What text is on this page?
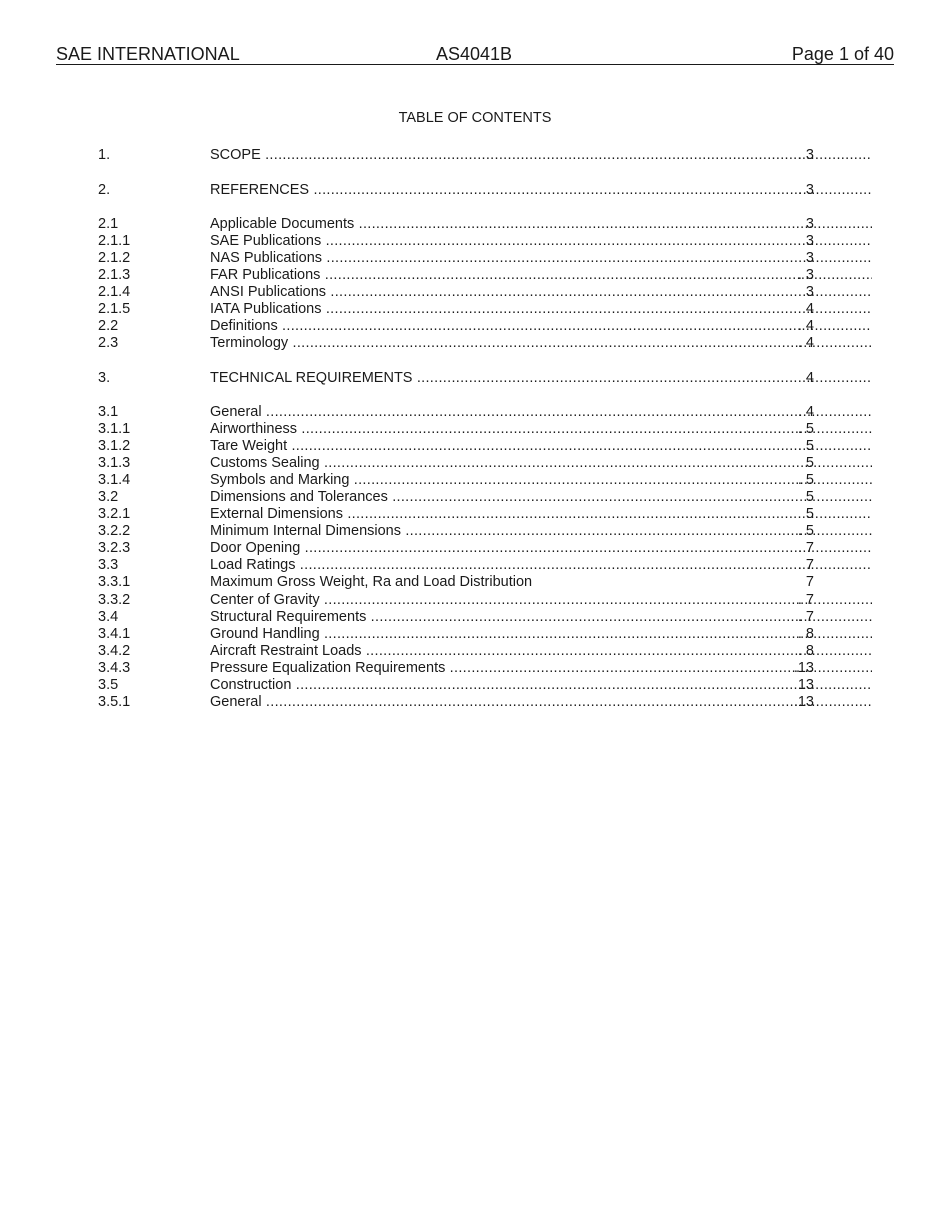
SAE INTERNATIONAL	AS4041B	Page 1 of 40
TABLE OF CONTENTS
1.	SCOPE .....	. 3
2.	REFERENCES .....	. 3
2.1	Applicable Documents .....	3
2.1.1	SAE Publications .....	3
2.1.2	NAS Publications .....	3
2.1.3	FAR Publications .....	. 3
2.1.4	ANSI Publications .....	3
2.1.5	IATA Publications .....	4
2.2	Definitions .....	. 4
2.3	Terminology .....	. 4
3.	TECHNICAL REQUIREMENTS .....	4
3.1	General .....	. 4
3.1.1	Airworthiness .....	. 5
3.1.2	Tare Weight .....	. 5
3.1.3	Customs Sealing .....	5
3.1.4	Symbols and Marking .....	. 5
3.2	Dimensions and Tolerances .....	5
3.2.1	External Dimensions .....	5
3.2.2	Minimum Internal Dimensions .....	. 5
3.2.3	Door Opening .....	. 7
3.3	Load Ratings .....	. 7
3.3.1	Maximum Gross Weight, Ra and Load Distribution	7
3.3.2	Center of Gravity .....	. 7
3.4	Structural Requirements .....	. 7
3.4.1	Ground Handling .....	. 8
3.4.2	Aircraft Restraint Loads .....	. 8
3.4.3	Pressure Equalization Requirements .....	.13
3.5	Construction .....	13
3.5.1	General .....	.13
